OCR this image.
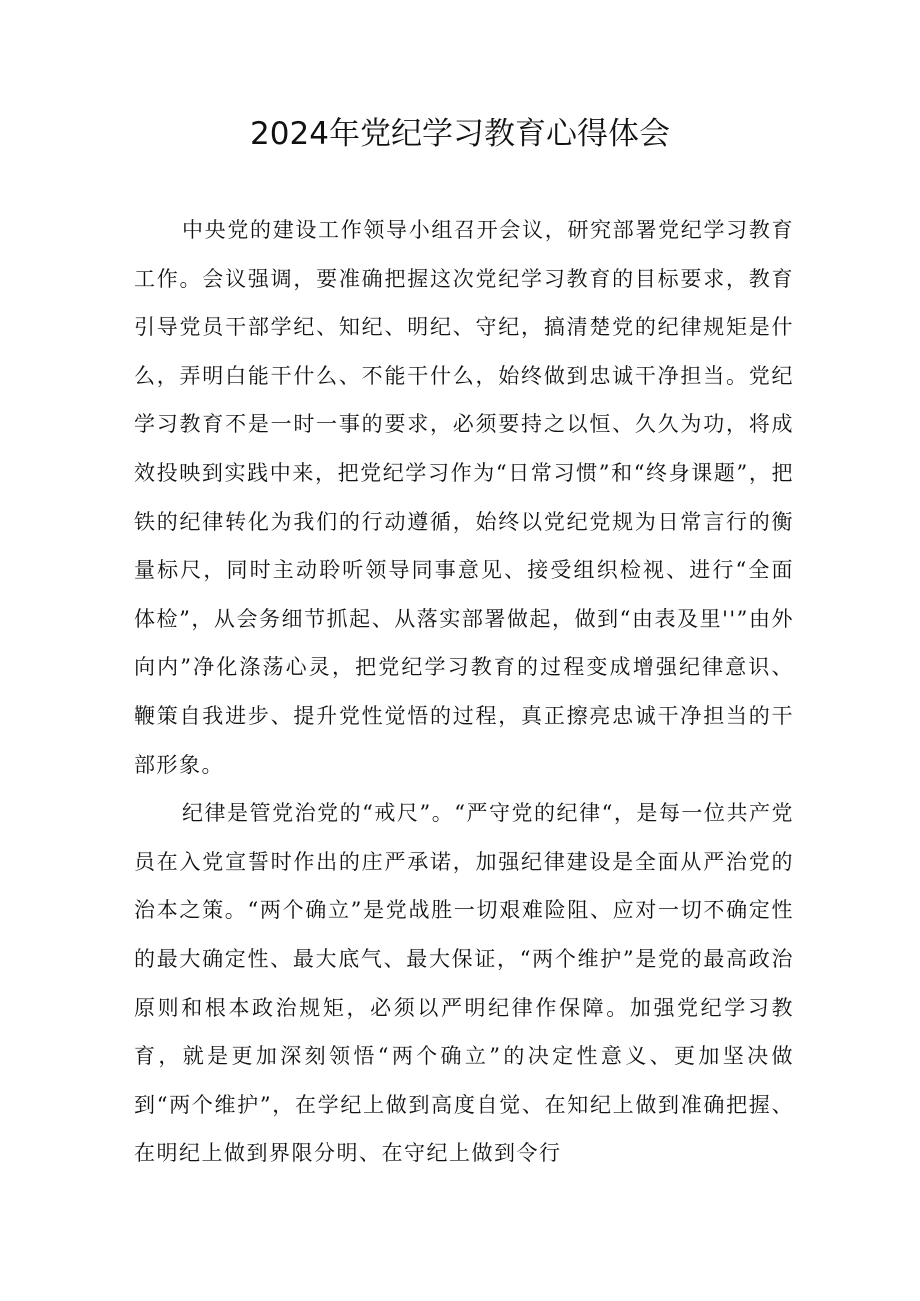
2024年党纪学习教育心得体会

中央党的建设工作领导小组召开会议，研究部署党纪学习教育工作。会议强调，要准确把握这次党纪学习教育的目标要求，教育引导党员干部学纪、知纪、明纪、守纪，搞清楚党的纪律规矩是什么，弄明白能干什么、不能干什么，始终做到忠诚干净担当。党纪学习教育不是一时一事的要求，必须要持之以恒、久久为功，将成效投映到实践中来，把党纪学习作为“日常习惯”和“终身课题”，把铁的纪律转化为我们的行动遵循，始终以党纪党规为日常言行的衡量标尺，同时主动聆听领导同事意见、接受组织检视、进行“全面体检”，从会务细节抓起、从落实部署做起，做到“由表及里''”由外向内”净化涤荡心灵，把党纪学习教育的过程变成增强纪律意识、鞭策自我进步、提升党性觉悟的过程，真正擦亮忠诚干净担当的干部形象。

纪律是管党治党的“戒尺”。“严守党的纪律“，是每一位共产党员在入党宣誓时作出的庄严承诺，加强纪律建设是全面从严治党的治本之策。“两个确立”是党战胜一切艰难险阻、应对一切不确定性的最大确定性、最大底气、最大保证，“两个维护”是党的最高政治原则和根本政治规矩，必须以严明纪律作保障。加强党纪学习教育，就是更加深刻领悟“两个确立”的决定性意义、更加坚决做到“两个维护”，在学纪上做到高度自觉、在知纪上做到准确把握、在明纪上做到界限分明、在守纪上做到令行
